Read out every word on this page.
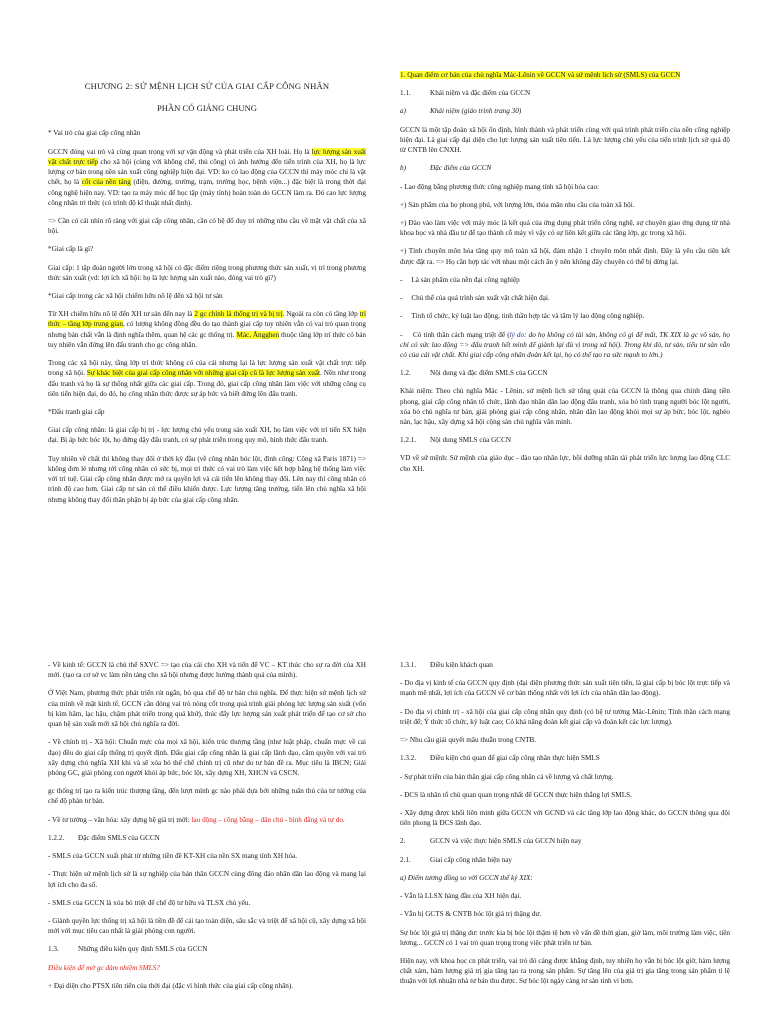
CHƯƠNG 2: SỨ MỆNH LỊCH SỬ CỦA GIAI CẤP CÔNG NHÂN
PHẦN CÓ GIẢNG CHUNG

* Vai trò của giai cấp công nhân

GCCN đóng vai trò và cùng quan trọng với sự vận động và phát triển của XH loài. Họ là lực lượng sản xuất vật chất trực tiếp cho xã hội (cùng với không chế, thủ công) có ảnh hưởng đến tiến trình của XH, họ là lực lượng cơ bản trong nền sản xuất công nghiệp hiện đại. VD: ko có lao động của GCCN thì máy móc chỉ là vật chết, họ là cốt của nền tảng (điện, đường, trường, trạm, trường học, bệnh viện...) đặc biệt là trong thời đại công nghệ hiện nay. VD: tạo ra máy móc để học tập (máy tính) hoàn toàn do GCCN làm ra. Đó cao lực lượng công nhân tri thức (có trình độ kĩ thuật nhất định).

=> Cần có cái nhìn rõ ràng với giai cấp công nhân, cần có hệ đổ duy trì những nhu cầu về mặt vật chất của xã hội.

*Giai cấp là gì?

Giai cấp: 1 tập đoàn người lớn trong xã hội có đặc điểm riêng trong phương thức sản xuất, vị trí trong phương thức sản xuất (vd: lợi ích xã hội: họ là lực lượng sản xuất nào, đóng vai trò gì?)

*Giai cấp trong các xã hội chiếm hữu nô lệ đến xã hội tư sản

Từ XH chiếm hữu nô lệ đến XH tư sản đến nay là 2 gc chính là thống trị và bị trị. Ngoài ra còn có tầng lớp trí thức – tầng lớp trung gian, có lượng không đồng đều do tạo thành giai cấp tuy nhiên vẫn có vai trò quan trọng nhưng bản chất vẫn là định nghĩa thêm, quan hệ các gc thống trị. Mác, Ăngghen thuộc tầng lớp trí thức có bản tuy nhiên vẫn đứng lên đấu tranh cho gc công nhân.

Trong các xã hội này, tầng lớp trí thức không có của cải nhưng lại là lực lượng sản xuất vật chất trực tiếp trong xã hội. Sự khác biệt của giai cấp công nhân với những giai cấp cũ là lực lượng sản xuất. Nền như trong đấu tranh và họ là sự thống nhất giữa các giai cấp. Trong đó, giai cấp công nhân làm việc với những công cụ tiên tiến hiện đại, do đó, họ công nhân thức được sự áp bức và biết đứng lên đấu tranh.

*Đấu tranh giai cấp

Giai cấp công nhân: là giai cấp bị trị - lực lượng chủ yếu trong sản xuất XH, họ làm việc với trí tiến SX hiện đại. Bị áp bức bóc lột, họ đứng dậy đấu tranh, có sự phát triển trong quy mô, hình thức đấu tranh.

Tuy nhiên về chất thì không thay đổi ở thời kỳ đầu (về công nhân bóc lột, đình công: Công xã Paris 1871) => không đơn lẻ nhưng tới công nhân có sức bị, mọi tri thức có vai trò làm việc kết hợp bằng hệ thống làm việc với trí tuệ. Giai cấp công nhân được mở ra quyền lợi và cải tiến lên không thay đổi. Lên nay thì công nhân có trình độ cao hơn. Giai cấp tư sản có thể điều khiển được. Lực lượng tăng trưởng, tiến lên chủ nghĩa xã hội nhưng không thay đổi thân phận bị áp bức của giai cấp công nhân.

1. Quan điểm cơ bản của chủ nghĩa Mác-Lênin về GCCN và sứ mệnh lịch sử (SMLS) của GCCN

1.1.	Khái niệm và đặc điểm của GCCN

a)	Khái niệm (giáo trình trang 30)

GCCN là một tập đoàn xã hội ổn định, hình thành và phát triển cùng với quá trình phát triển của nền công nghiệp hiện đại. Là giai cấp đại diện cho lực lượng sản xuất tiên tiến. Là lực lượng chủ yếu của tiến trình lịch sử quá độ từ CNTB lên CNXH.

b)	Đặc điểm của GCCN

- Lao động bằng phương thức công nghiệp mang tính xã hội hóa cao:

+) Sản phẩm của họ phong phú, với lượng lớn, thỏa mãn nhu cầu của toàn xã hội.

+) Đào vào làm việc với máy móc là kết quả của ứng dụng phát triển công nghệ, sự chuyên giao ứng dụng từ nhà khoa học và nhà đầu tư để tạo thành cỗ máy vì vậy có sự liên kết giữa các tầng lớp, gc trong xã hội.

+) Tính chuyên môn hóa tăng quy mô toàn xã hội, đảm nhận 1 chuyên môn nhất định. Đây là yêu cầu tiên kết được đặt ra. => Họ cần hợp tác với nhau một cách ăn ý nên không đây chuyên có thể bị dừng lại.

-     Là sản phẩm của nền đại công nghiệp

-     Chủ thể của quá trình sản xuất vật chất hiện đại.

-     Tính tổ chức, kỷ luật lao động, tinh thần hợp tác và tâm lý lao động công nghiệp.

-     Có tinh thần cách mạng triệt để (lý do: do họ không có tài sản, không có gì để mất, TK XIX là gc vô sản, họ chỉ có sức lao động => đấu tranh hết mình để giành lại đủ vị trong xã hội). Trong khi đó, tư sản, tiểu tư sản vẫn có của cải vật chất. Khi giai cấp công nhân đoàn kết lại, họ có thể tạo ra sức mạnh to lớn.)

1.2.	Nội dung và đặc điểm SMLS của GCCN

Khái niệm: Theo chủ nghĩa Mác - Lênin, sứ mệnh lịch sử tổng quát của GCCN là thông qua chính đảng tiền phong, giai cấp công nhân tổ chức, lãnh đạo nhân dân lao động đấu tranh, xóa bỏ tình trạng người bóc lột người, xóa bỏ chủ nghĩa tư bản, giải phóng giai cấp công nhân, nhân dân lao động khỏi mọi sự áp bức, bóc lột, nghèo nàn, lạc hậu, xây dựng xã hội cộng sản chủ nghĩa văn minh.

1.2.1. Nội dung SMLS của GCCN

VD về sứ mệnh: Sứ mệnh của giáo dục - đào tạo nhân lực, bồi dưỡng nhân tài phát triển lực lượng lao động CLC cho XH.

- Về kinh tế: GCCN là chủ thể SXVC => tạo của cải cho XH và tiến để VC – KT thúc cho sự ra đời của XH mới. (tạo ra cơ sở vc làm nền tảng cho xã hội nhưng được hưởng thành quả của mình).

Ở Việt Nam, phương thức phát triển rút ngắn, bỏ qua chế độ tư bản chủ nghĩa. Để thực hiện sứ mệnh lịch sử của mình về mặt kinh tế, GCCN cần đóng vai trò nòng cốt trong quá trình giải phóng lực lượng sản xuất (vốn bị kìm hãm, lạc hậu, chậm phát triển trong quá khứ), thúc đẩy lực lượng sản xuất phát triển để tạo cơ sở cho quan hệ sản xuất mới xã hội chủ nghĩa ra đời.

- Về chính trị - Xã hội: Chuẩn mực của mọi xã hội, kiến trúc thượng tầng (như luật pháp, chuẩn mực về cai đạo) đều do giai cấp thống trị quyết định. Đấu giai cấp công nhân là giai cấp lãnh đạo, cầm quyền với vai trò xây dựng chủ nghĩa XH khi và sẽ xóa bỏ thể chế chính trị cũ như do tư bản đề ra. Mục tiêu là IBCN; Giải phóng GC, giải phóng con người khỏi áp bức, bóc lột, xây dựng XH, XHCN và CSCN.

gc thống trị tạo ra kiến trúc thượng tầng, đến lượt mình gc nào phải dựa bởi những tuân thủ của tư tưởng của chế độ phản tư bản.

- Về tư tưởng – văn hóa: xây dựng hệ giá trị mới: lao động – công bằng – dân chủ - bình đẳng và tự do.

1.2.2. Đặc điểm SMLS của GCCN

- SMLS của GCCN xuất phát từ những tiền đề KT-XH của nền SX mang tính XH hóa.

- Thực hiện sứ mệnh lịch sử là sự nghiệp của bản thân GCCN cùng đông đảo nhân dân lao động và mang lại lợi ích cho đa số.

- SMLS của GCCN là xóa bỏ triệt để chế độ tư hữu và TLSX chủ yếu.

- Giành quyền lực thống trị xã hội là tiền đề để cải tạo toàn diện, sâu sắc và triệt để xã hội cũ, xây dựng xã hội mới với mục tiêu cao nhất là giải phóng con người.

1.3.	Những điều kiện quy định SMLS của GCCN

Điều kiện để mở gc đảm nhiệm SMLS?

+ Đại diện cho PTSX tiên tiến của thời đại (đặc vì hình thức của giai cấp công nhân).

1.3.1. Điều kiện khách quan

- Do địa vị kinh tế của GCCN quy định (đại diện phương thức sản xuất tiên tiến, là giai cấp bị bóc lột trực tiếp và mạnh mẽ nhất, lợi ích của GCCN về cơ bản thống nhất với lợi ích của nhân dân lao động).

- Do địa vị chính trị - xã hội của giai cấp công nhân quy định (có hệ tư tưởng Mác-Lênin; Tính thần cách mạng triệt để; Ý thức tổ chức, kỷ luật cao; Có khả năng đoàn kết giai cấp và đoàn kết các lực lượng).

=> Nhu cầu giải quyết mâu thuẫn trong CNTB.

1.3.2. Điều kiện chủ quan để giai cấp công nhân thực hiện SMLS

- Sự phát triển của bản thân giai cấp công nhân cả về lượng và chất lượng.

- ĐCS là nhân tố chủ quan quan trọng nhất để GCCN thực hiện thắng lợi SMLS.

- Xây dựng được khối liên minh giữa GCCN với GCND và các tầng lớp lao động khác, do GCCN thông qua đội tiên phong là ĐCS lãnh đạo.

2.	GCCN và việc thực hiện SMLS của GCCN hiện nay

2.1.	Giai cấp công nhân hiện nay

a) Điểm tương đồng so với GCCN thế kỷ XIX:

- Vẫn là LLSX hàng đầu của XH hiện đại.

- Vẫn bị GCTS & CNTB bóc lột giá trị thặng dư.

Sự bóc lột giá trị thặng dư: trước kia bị bóc lột thậm tệ hơn về vấn đề thời gian, giờ làm, môi trường làm việc, tiền lương... GCCN có 1 vai trò quan trọng trong việc phát triển tư bản.

Hiện nay, với khoa học cn phát triển, vai trò đó càng được khẳng định, tuy nhiên họ vẫn bị bóc lột giờ, hàm lượng chất xám, hàm lượng giá trị gia tăng tạo ra trong sản phẩm. Sự tăng lên của giá trị gia tăng trong sản phẩm tỉ lệ thuận với lợi nhuận nhà tư bản thu được. Sự bóc lột ngày càng tư sản tinh vi hơn.
